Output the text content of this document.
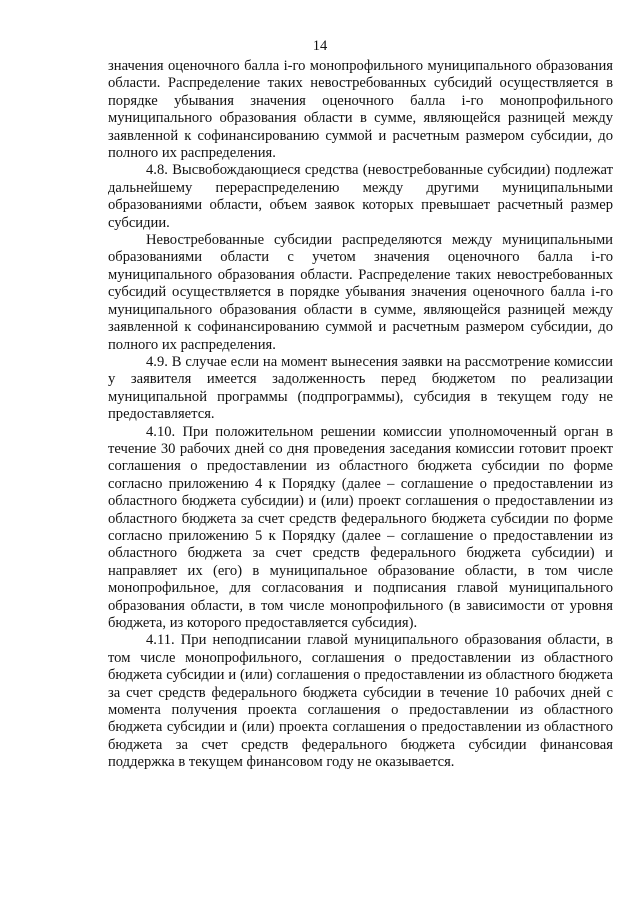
14

значения оценочного балла i-го монопрофильного муниципального образования области. Распределение таких невостребованных субсидий осуществляется в порядке убывания значения оценочного балла i-го монопрофильного муниципального образования области в сумме, являющейся разницей между заявленной к софинансированию суммой и расчетным размером субсидии, до полного их распределения.

4.8. Высвобождающиеся средства (невостребованные субсидии) подлежат дальнейшему перераспределению между другими муниципальными образованиями области, объем заявок которых превышает расчетный размер субсидии.

Невостребованные субсидии распределяются между муниципальными образованиями области с учетом значения оценочного балла i-го муниципального образования области. Распределение таких невостребованных субсидий осуществляется в порядке убывания значения оценочного балла i-го муниципального образования области в сумме, являющейся разницей между заявленной к софинансированию суммой и расчетным размером субсидии, до полного их распределения.

4.9. В случае если на момент вынесения заявки на рассмотрение комиссии у заявителя имеется задолженность перед бюджетом по реализации муниципальной программы (подпрограммы), субсидия в текущем году не предоставляется.

4.10. При положительном решении комиссии уполномоченный орган в течение 30 рабочих дней со дня проведения заседания комиссии готовит проект соглашения о предоставлении из областного бюджета субсидии по форме согласно приложению 4 к Порядку (далее – соглашение о предоставлении из областного бюджета субсидии) и (или) проект соглашения о предоставлении из областного бюджета за счет средств федерального бюджета субсидии по форме согласно приложению 5 к Порядку (далее – соглашение о предоставлении из областного бюджета за счет средств федерального бюджета субсидии) и направляет их (его) в муниципальное образование области, в том числе монопрофильное, для согласования и подписания главой муниципального образования области, в том числе монопрофильного (в зависимости от уровня бюджета, из которого предоставляется субсидия).

4.11. При неподписании главой муниципального образования области, в том числе монопрофильного, соглашения о предоставлении из областного бюджета субсидии и (или) соглашения о предоставлении из областного бюджета за счет средств федерального бюджета субсидии в течение 10 рабочих дней с момента получения проекта соглашения о предоставлении из областного бюджета субсидии и (или) проекта соглашения о предоставлении из областного бюджета за счет средств федерального бюджета субсидии финансовая поддержка в текущем финансовом году не оказывается.
